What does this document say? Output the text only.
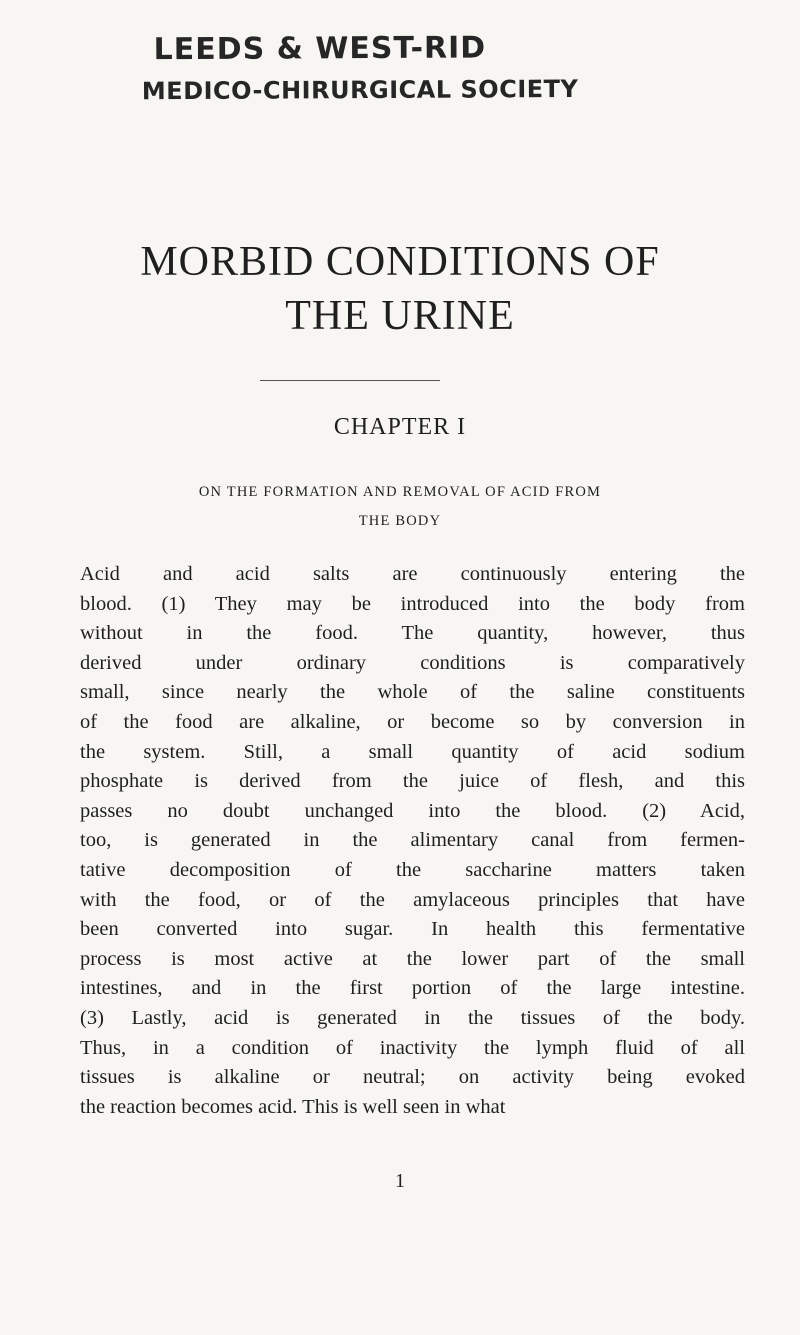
LEEDS & WEST-RID
MEDICO-CHIRURGICAL SOCIETY
MORBID CONDITIONS OF
THE URINE
CHAPTER I
ON THE FORMATION AND REMOVAL OF ACID FROM
THE BODY
Acid and acid salts are continuously entering the
blood. (1) They may be introduced into the body from
without in the food. The quantity, however, thus
derived under ordinary conditions is comparatively
small, since nearly the whole of the saline constituents
of the food are alkaline, or become so by conversion in
the system. Still, a small quantity of acid sodium
phosphate is derived from the juice of flesh, and this
passes no doubt unchanged into the blood. (2) Acid,
too, is generated in the alimentary canal from fermen-
tative decomposition of the saccharine matters taken
with the food, or of the amylaceous principles that have
been converted into sugar. In health this fermentative
process is most active at the lower part of the small
intestines, and in the first portion of the large intestine.
(3) Lastly, acid is generated in the tissues of the body.
Thus, in a condition of inactivity the lymph fluid of all
tissues is alkaline or neutral; on activity being evoked
the reaction becomes acid. This is well seen in what
1
